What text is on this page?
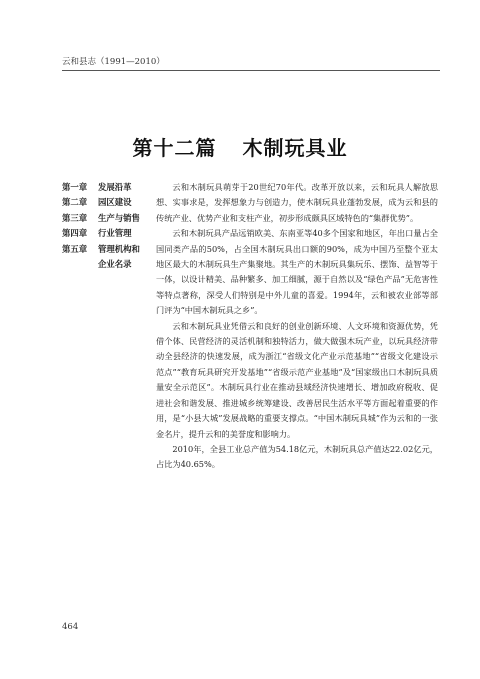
云和县志（1991—2010）
第十二篇 木制玩具业
第一章	发展沿革
第二章	园区建设
第三章	生产与销售
第四章	行业管理
第五章	管理机构和
企业名录

云和木制玩具萌芽于20世纪70年代。改革开放以来，云和玩具人解放思想、实事求是，发挥想象力与创造力，使木制玩具业蓬勃发展，成为云和县的传统产业、优势产业和支柱产业，初步形成颇具区域特色的“集群优势”。

云和木制玩具产品远销欧美、东南亚等40多个国家和地区，年出口量占全国同类产品的50%，占全国木制玩具出口额的90%，成为中国乃至整个亚太地区最大的木制玩具生产集聚地。其生产的木制玩具集玩乐、摆饰、益智等于一体，以设计精美、品种繁多、加工细腻，源于自然以及“绿色产品”无危害性等特点著称，深受人们特别是中外儿童的喜爱。1994年，云和被农业部等部门评为“中国木制玩具之乡”。

云和木制玩具业凭借云和良好的创业创新环境、人文环境和资源优势，凭借个体、民营经济的灵活机制和独特活力，做大做强木玩产业，以玩具经济带动全县经济的快速发展，成为浙江“省级文化产业示范基地”“省级文化建设示范点”“教育玩具研究开发基地”“省级示范产业基地”及“国家级出口木制玩具质量安全示范区”。木制玩具行业在推动县域经济快速增长、增加政府税收、促进社会和谐发展、推进城乡统筹建设、改善居民生活水平等方面起着重要的作用，是“小县大城”发展战略的重要支撑点。“中国木制玩具城”作为云和的一张金名片，提升云和的美誉度和影响力。

2010年，全县工业总产值为54.18亿元，木制玩具总产值达22.02亿元，占比为40.65%。

464
